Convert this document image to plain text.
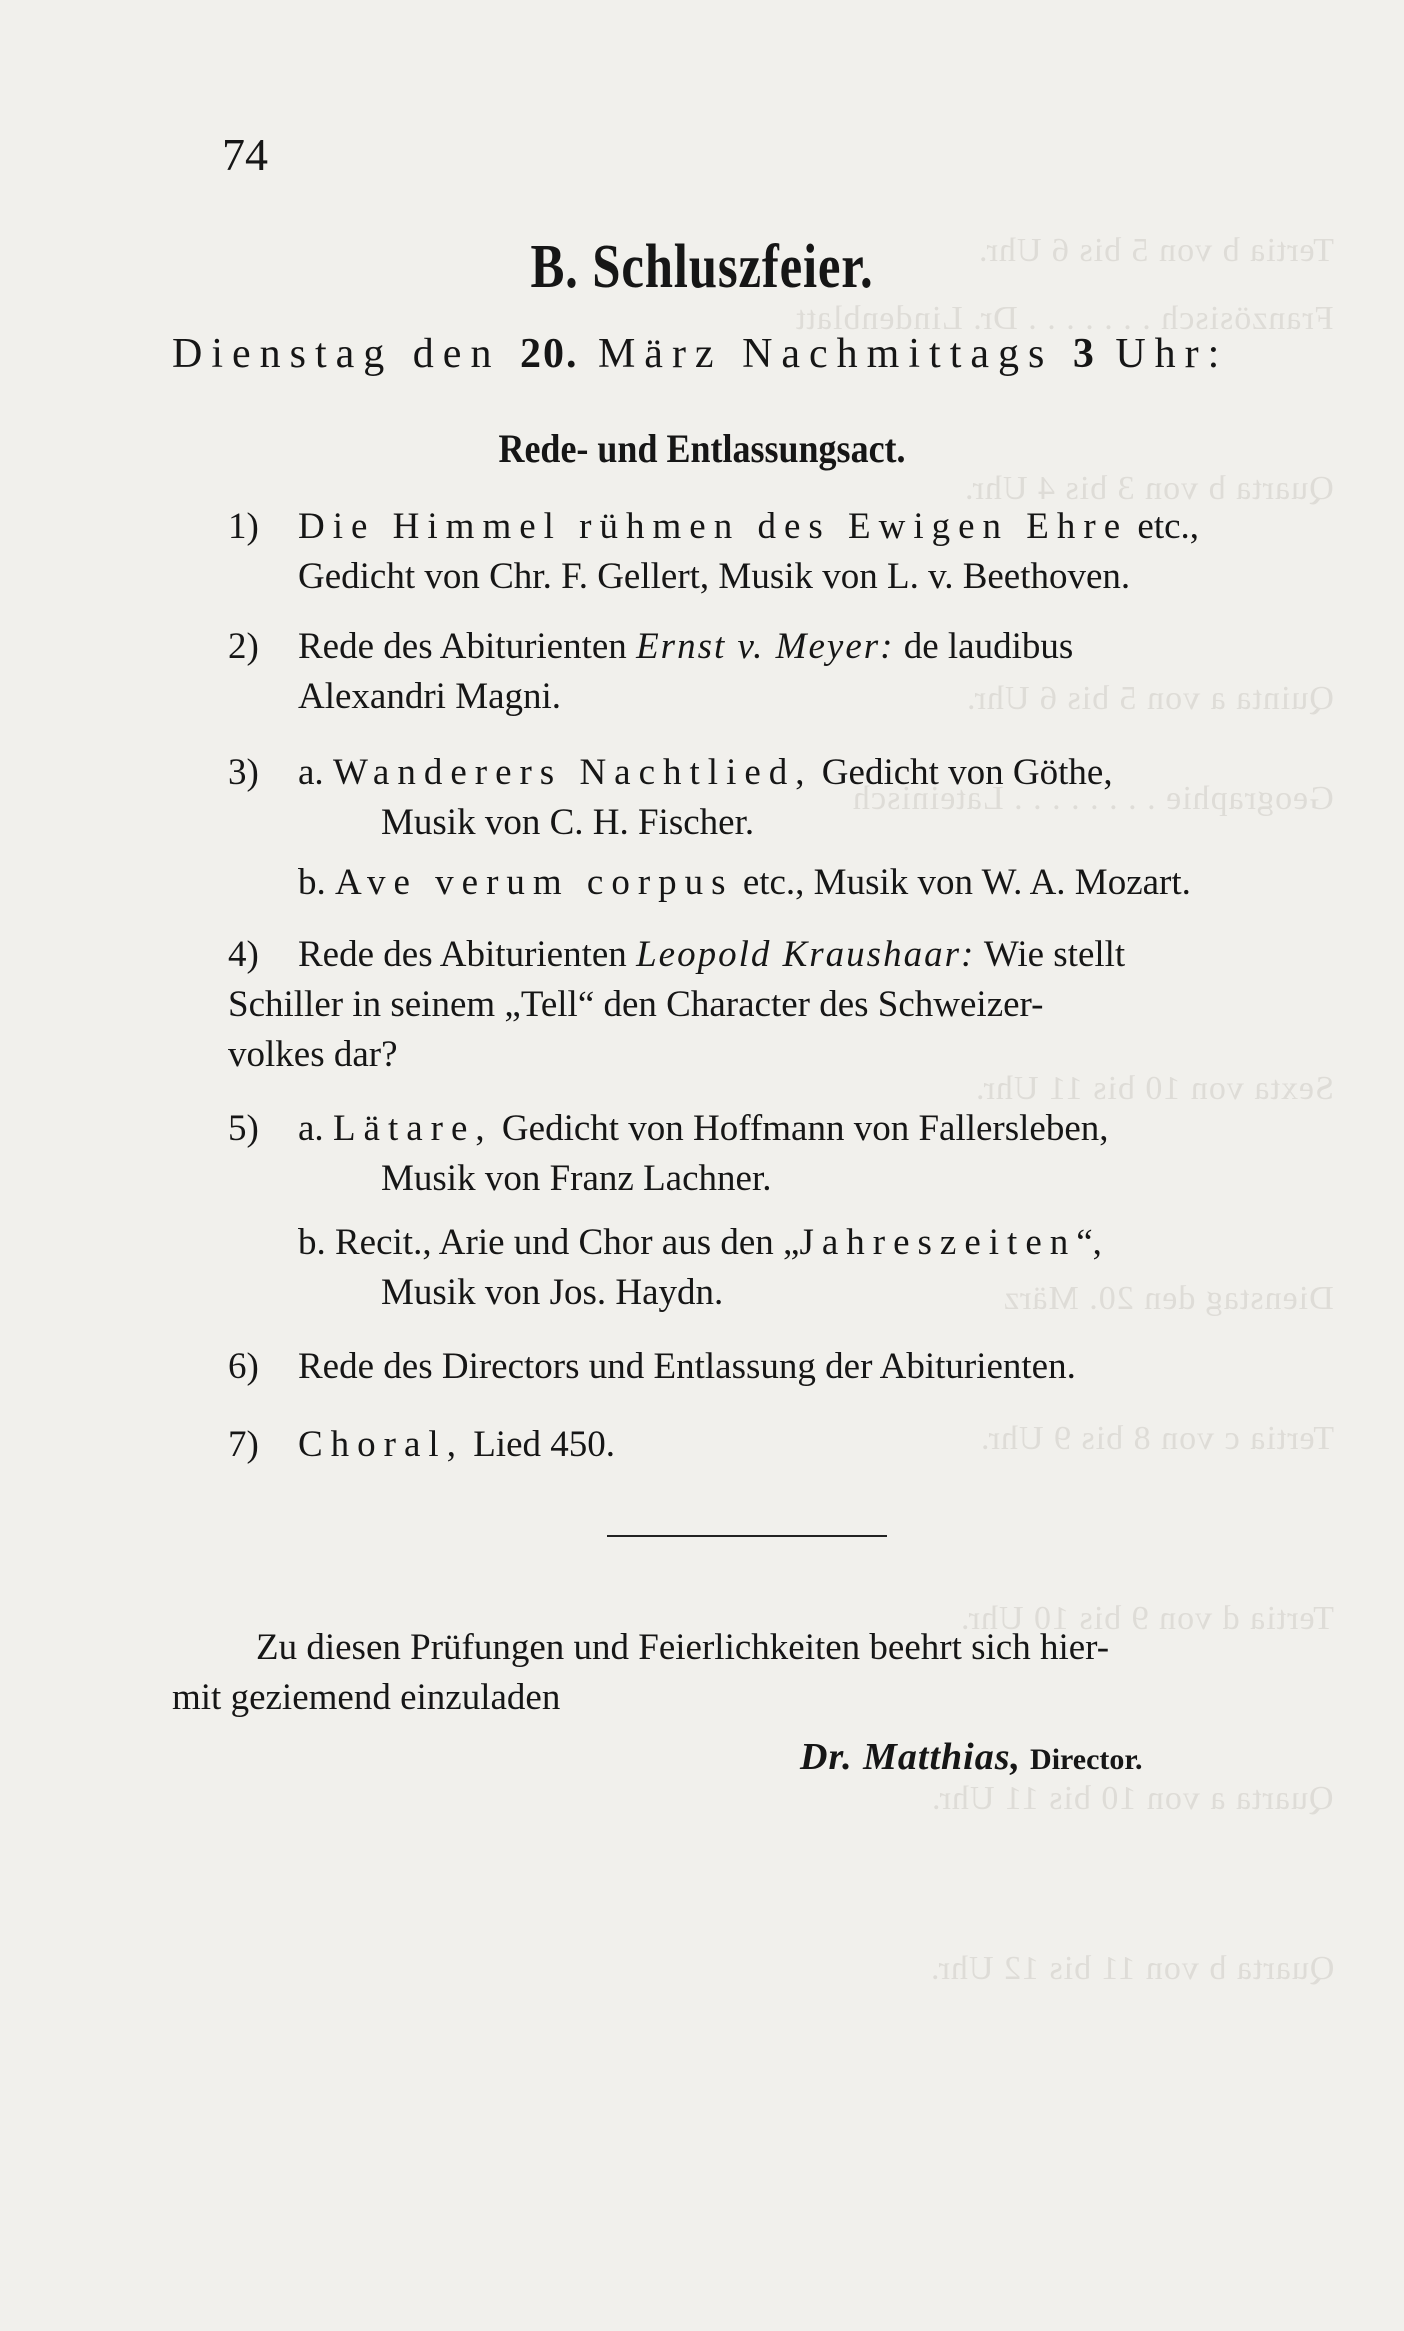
Tertia b von 5 bis 6 Uhr.
Französisch . . . . . . . Dr. Lindenblatt
Quarta b von 3 bis 4 Uhr.
Quinta a von 5 bis 6 Uhr.
Geographie . . . . . . . . Lateinisch
Sexta von 10 bis 11 Uhr.
Dienstag den 20. März
Tertia c von 8 bis 9 Uhr.
Tertia d von 9 bis 10 Uhr.
Quarta a von 10 bis 11 Uhr.
Quarta b von 11 bis 12 Uhr.
74
B. Schluszfeier.
Dienstag den 20. März Nachmittags 3 Uhr:
Rede- und Entlassungsact.
1)	Die Himmel rühmen des Ewigen Ehre etc.,
Gedicht von Chr. F. Gellert, Musik von L. v. Beethoven.
2)	Rede des Abiturienten Ernst v. Meyer: de laudibus
Alexandri Magni.
3)	a. Wanderers Nachtlied, Gedicht von Göthe,
Musik von C. H. Fischer.
b. Ave verum corpus etc., Musik von W. A. Mozart.
4)	Rede des Abiturienten Leopold Kraushaar: Wie stellt
Schiller in seinem „Tell“ den Character des Schweizer-
volkes dar?
5)	a. Lätare, Gedicht von Hoffmann von Fallersleben,
Musik von Franz Lachner.
b. Recit., Arie und Chor aus den „Jahreszeiten“,
Musik von Jos. Haydn.
6)	Rede des Directors und Entlassung der Abiturienten.
7)	Choral, Lied 450.
Zu diesen Prüfungen und Feierlichkeiten beehrt sich hier-
mit geziemend einzuladen
Dr. Matthias, Director.
